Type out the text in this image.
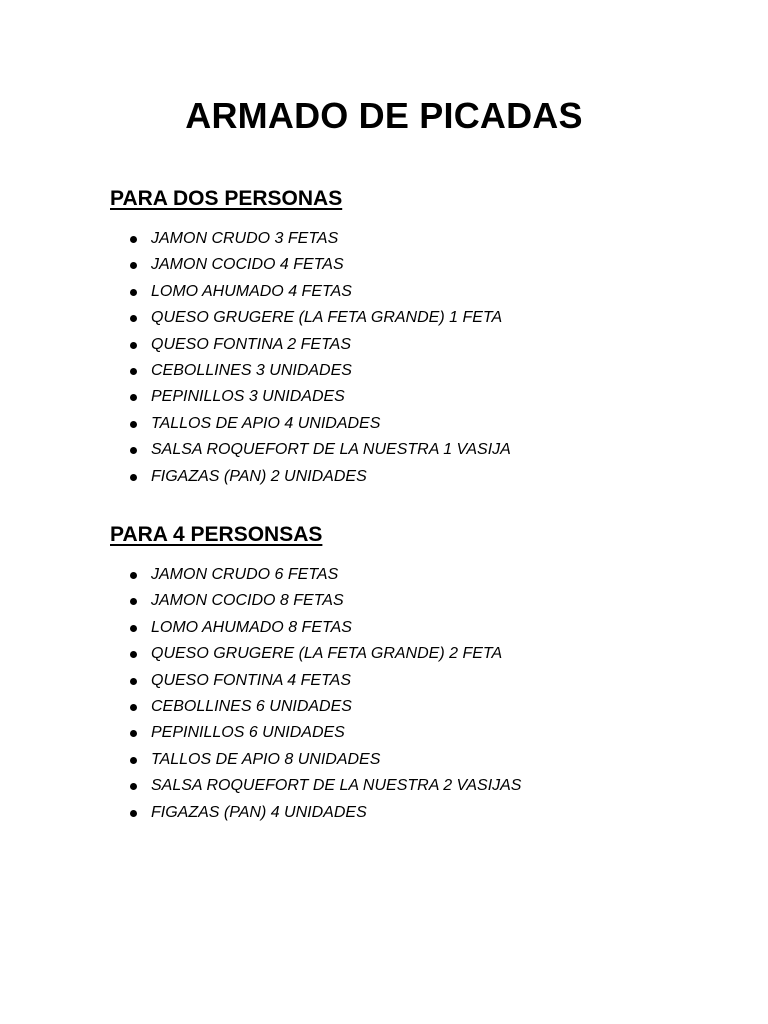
ARMADO DE PICADAS
PARA DOS PERSONAS
JAMON CRUDO 3 FETAS
JAMON COCIDO 4 FETAS
LOMO AHUMADO 4 FETAS
QUESO GRUGERE (LA FETA GRANDE) 1 FETA
QUESO FONTINA 2 FETAS
CEBOLLINES 3 UNIDADES
PEPINILLOS 3 UNIDADES
TALLOS DE APIO 4 UNIDADES
SALSA ROQUEFORT DE LA NUESTRA 1 VASIJA
FIGAZAS (PAN) 2 UNIDADES
PARA 4 PERSONSAS
JAMON CRUDO 6 FETAS
JAMON COCIDO 8 FETAS
LOMO AHUMADO 8 FETAS
QUESO GRUGERE (LA FETA GRANDE) 2 FETA
QUESO FONTINA 4 FETAS
CEBOLLINES 6 UNIDADES
PEPINILLOS 6 UNIDADES
TALLOS DE APIO 8 UNIDADES
SALSA ROQUEFORT DE LA NUESTRA 2 VASIJAS
FIGAZAS (PAN) 4 UNIDADES
